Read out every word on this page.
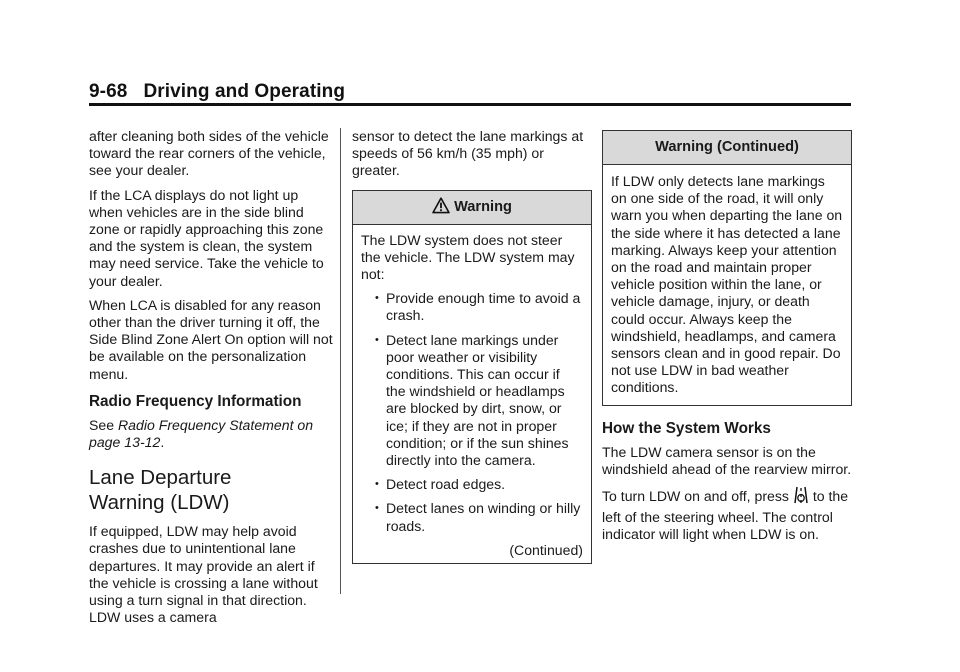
9-68 Driving and Operating

after cleaning both sides of the vehicle toward the rear corners of the vehicle, see your dealer.

If the LCA displays do not light up when vehicles are in the side blind zone or rapidly approaching this zone and the system is clean, the system may need service. Take the vehicle to your dealer.

When LCA is disabled for any reason other than the driver turning it off, the Side Blind Zone Alert On option will not be available on the personalization menu.

Radio Frequency Information

See Radio Frequency Statement on page 13-12.

Lane Departure
Warning (LDW)

If equipped, LDW may help avoid crashes due to unintentional lane departures. It may provide an alert if the vehicle is crossing a lane without using a turn signal in that direction. LDW uses a camera

sensor to detect the lane markings at speeds of 56 km/h (35 mph) or greater.

Warning

The LDW system does not steer the vehicle. The LDW system may not:

• Provide enough time to avoid a crash.
• Detect lane markings under poor weather or visibility conditions. This can occur if the windshield or headlamps are blocked by dirt, snow, or ice; if they are not in proper condition; or if the sun shines directly into the camera.
• Detect road edges.
• Detect lanes on winding or hilly roads.
(Continued)
Warning (Continued)

If LDW only detects lane markings on one side of the road, it will only warn you when departing the lane on the side where it has detected a lane marking. Always keep your attention on the road and maintain proper vehicle position within the lane, or vehicle damage, injury, or death could occur. Always keep the windshield, headlamps, and camera sensors clean and in good repair. Do not use LDW in bad weather conditions.

How the System Works

The LDW camera sensor is on the windshield ahead of the rearview mirror.

To turn LDW on and off, press to the left of the steering wheel. The control indicator will light when LDW is on.
